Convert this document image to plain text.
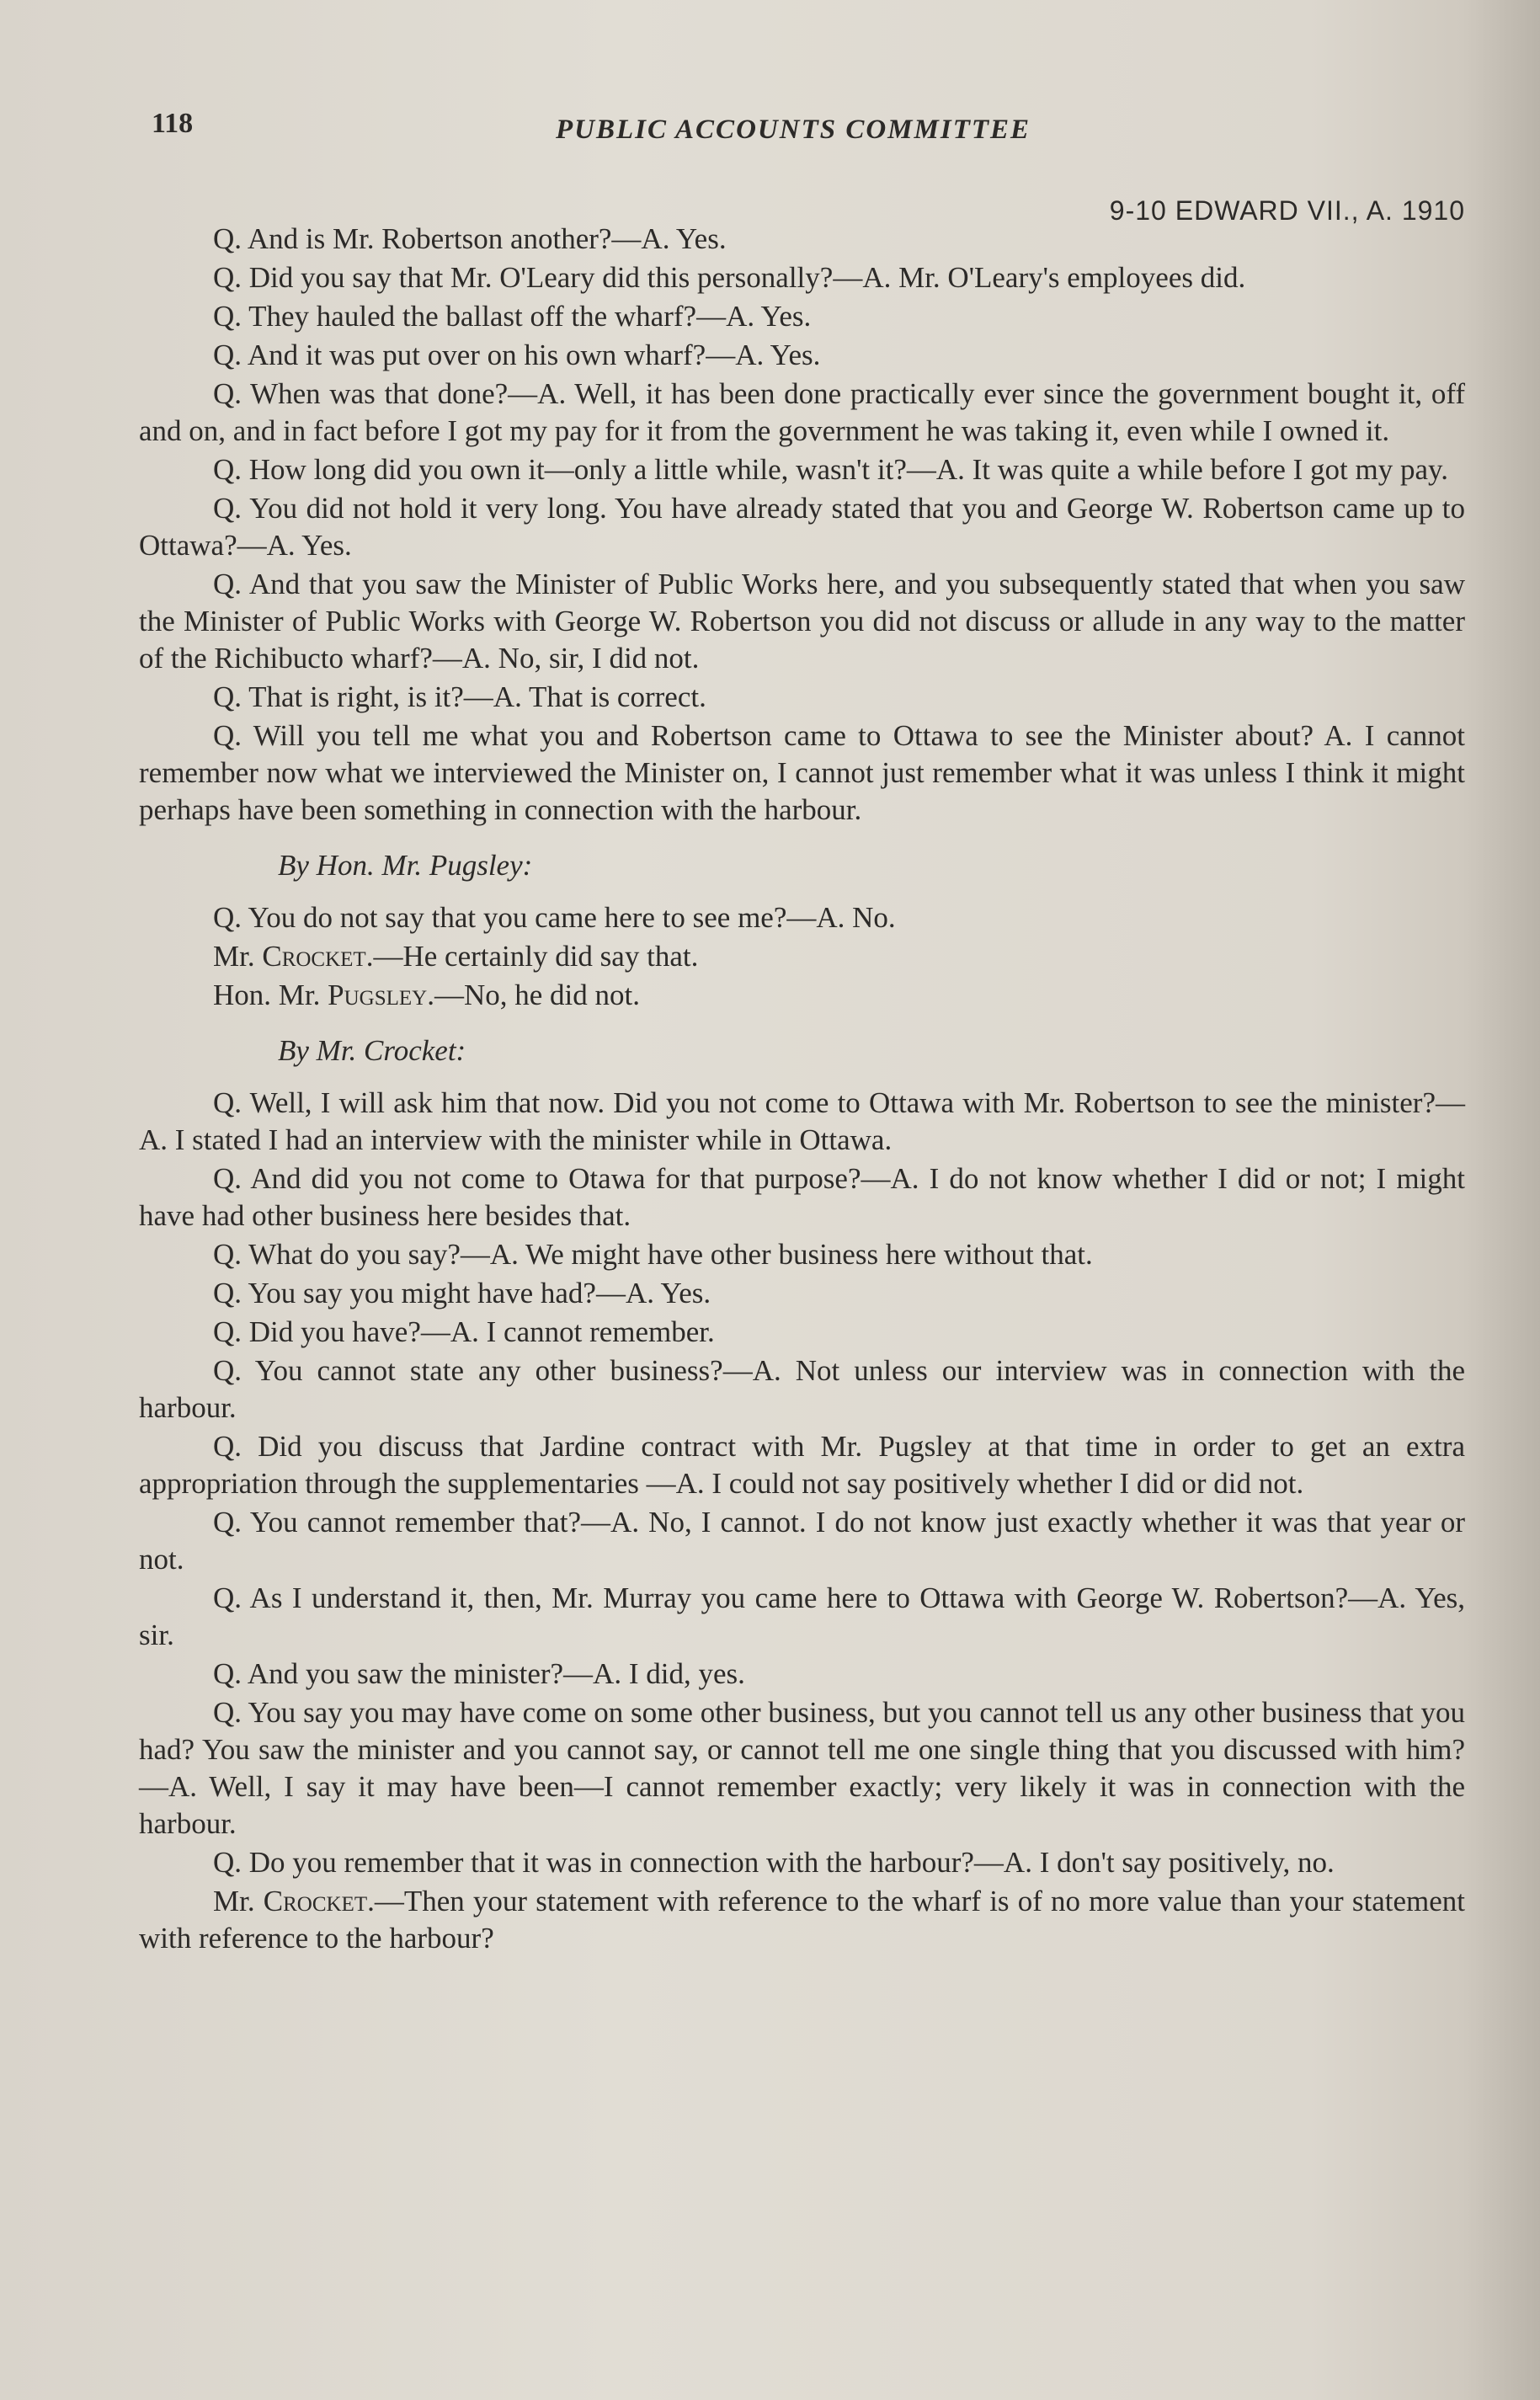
118	PUBLIC ACCOUNTS COMMITTEE
9-10 EDWARD VII., A. 1910

Q. And is Mr. Robertson another?—A. Yes.

Q. Did you say that Mr. O'Leary did this personally?—A. Mr. O'Leary's employees did.

Q. They hauled the ballast off the wharf?—A. Yes.

Q. And it was put over on his own wharf?—A. Yes.

Q. When was that done?—A. Well, it has been done practically ever since the government bought it, off and on, and in fact before I got my pay for it from the government he was taking it, even while I owned it.

Q. How long did you own it—only a little while, wasn't it?—A. It was quite a while before I got my pay.

Q. You did not hold it very long. You have already stated that you and George W. Robertson came up to Ottawa?—A. Yes.

Q. And that you saw the Minister of Public Works here, and you subsequently stated that when you saw the Minister of Public Works with George W. Robertson you did not discuss or allude in any way to the matter of the Richibucto wharf?—A. No, sir, I did not.

Q. That is right, is it?—A. That is correct.

Q. Will you tell me what you and Robertson came to Ottawa to see the Minister about? A. I cannot remember now what we interviewed the Minister on, I cannot just remember what it was unless I think it might perhaps have been something in connection with the harbour.

By Hon. Mr. Pugsley:

Q. You do not say that you came here to see me?—A. No.

Mr. Crocket.—He certainly did say that.

Hon. Mr. Pugsley.—No, he did not.

By Mr. Crocket:

Q. Well, I will ask him that now. Did you not come to Ottawa with Mr. Robertson to see the minister?—A. I stated I had an interview with the minister while in Ottawa.

Q. And did you not come to Otawa for that purpose?—A. I do not know whether I did or not; I might have had other business here besides that.

Q. What do you say?—A. We might have other business here without that.

Q. You say you might have had?—A. Yes.

Q. Did you have?—A. I cannot remember.

Q. You cannot state any other business?—A. Not unless our interview was in connection with the harbour.

Q. Did you discuss that Jardine contract with Mr. Pugsley at that time in order to get an extra appropriation through the supplementaries —A. I could not say positively whether I did or did not.

Q. You cannot remember that?—A. No, I cannot. I do not know just exactly whether it was that year or not.

Q. As I understand it, then, Mr. Murray you came here to Ottawa with George W. Robertson?—A. Yes, sir.

Q. And you saw the minister?—A. I did, yes.

Q. You say you may have come on some other business, but you cannot tell us any other business that you had? You saw the minister and you cannot say, or cannot tell me one single thing that you discussed with him?—A. Well, I say it may have been—I cannot remember exactly; very likely it was in connection with the harbour.

Q. Do you remember that it was in connection with the harbour?—A. I don't say positively, no.

Mr. Crocket.—Then your statement with reference to the wharf is of no more value than your statement with reference to the harbour?
